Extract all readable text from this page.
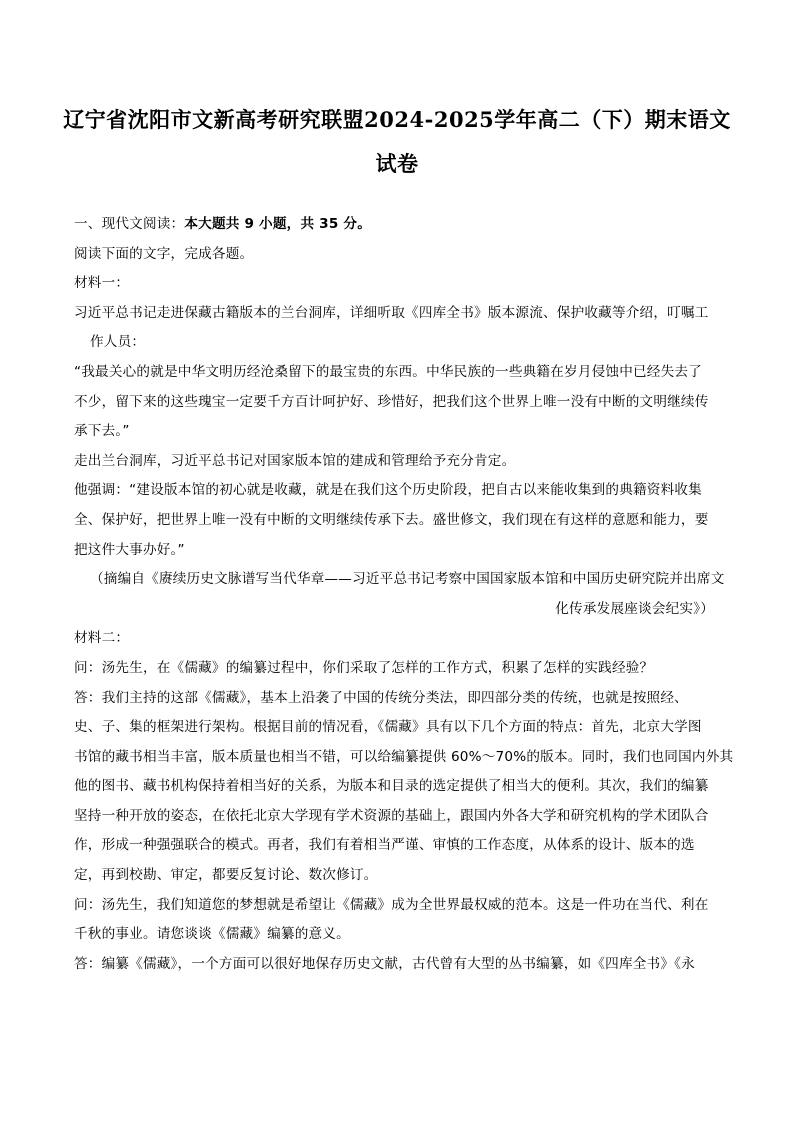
辽宁省沈阳市文新高考研究联盟2024-2025学年高二（下）期末语文
试卷
一、现代文阅读：本大题共 9 小题，共 35 分。
阅读下面的文字，完成各题。
材料一：
习近平总书记走进保藏古籍版本的兰台洞库，详细听取《四库全书》版本源流、保护收藏等介绍，叮嘱工
作人员：
“我最关心的就是中华文明历经沧桑留下的最宝贵的东西。中华民族的一些典籍在岁月侵蚀中已经失去了
不少，留下来的这些瑰宝一定要千方百计呵护好、珍惜好，把我们这个世界上唯一没有中断的文明继续传
承下去。”
走出兰台洞库，习近平总书记对国家版本馆的建成和管理给予充分肯定。
他强调：“建设版本馆的初心就是收藏，就是在我们这个历史阶段，把自古以来能收集到的典籍资料收集
全、保护好，把世界上唯一没有中断的文明继续传承下去。盛世修文，我们现在有这样的意愿和能力，要
把这件大事办好。”
（摘编自《赓续历史文脉谱写当代华章——习近平总书记考察中国国家版本馆和中国历史研究院并出席文
化传承发展座谈会纪实》）
材料二：
问：汤先生，在《儒藏》的编纂过程中，你们采取了怎样的工作方式，积累了怎样的实践经验？
答：我们主持的这部《儒藏》，基本上沿袭了中国的传统分类法，即四部分类的传统，也就是按照经、
史、子、集的框架进行架构。根据目前的情况看，《儒藏》具有以下几个方面的特点：首先，北京大学图
书馆的藏书相当丰富，版本质量也相当不错，可以给编纂提供 60%～70%的版本。同时，我们也同国内外其
他的图书、藏书机构保持着相当好的关系，为版本和目录的选定提供了相当大的便利。其次，我们的编纂
坚持一种开放的姿态，在依托北京大学现有学术资源的基础上，跟国内外各大学和研究机构的学术团队合
作，形成一种强强联合的模式。再者，我们有着相当严谨、审慎的工作态度，从体系的设计、版本的选
定，再到校勘、审定，都要反复讨论、数次修订。
问：汤先生，我们知道您的梦想就是希望让《儒藏》成为全世界最权威的范本。这是一件功在当代、利在
千秋的事业。请您谈谈《儒藏》编纂的意义。
答：编纂《儒藏》，一个方面可以很好地保存历史文献，古代曾有大型的丛书编纂，如《四库全书》《永
